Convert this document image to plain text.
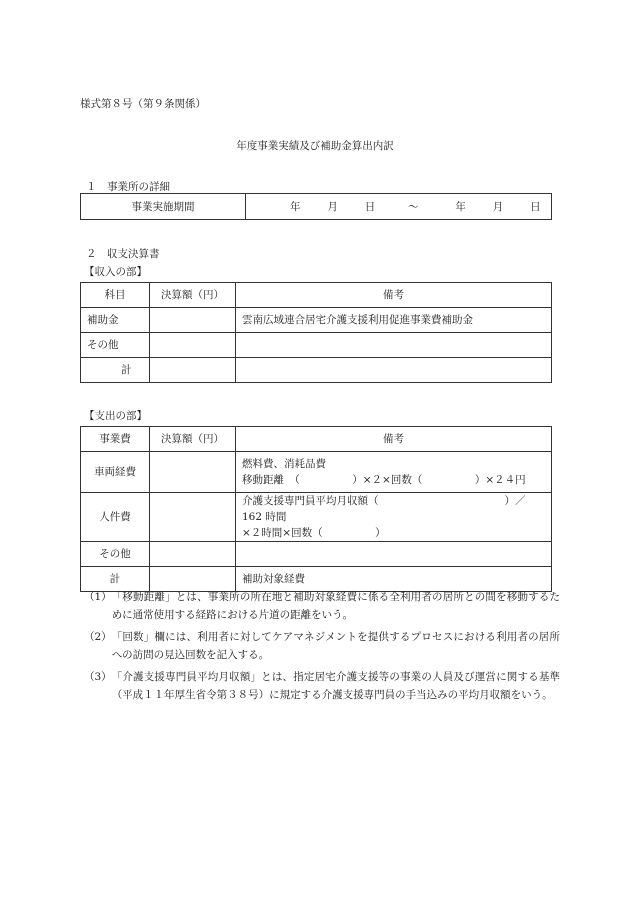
様式第８号（第９条関係）
年度事業実績及び補助金算出内訳
１　事業所の詳細
事業実施期間	年	月	日	～	年	月	日
２　収支決算書
【収入の部】
科目	決算額（円）	備考
補助金		雲南広域連合居宅介護支援利用促進事業費補助金
その他		
計		
【支出の部】
事業費	決算額（円）	備考
車両経費		燃料費、消耗品費
移動距離　（　　　　　）×２×回数（　　　　　）×２４円

人件費		介護支援専門員平均月収額（　　　　　　　　　　　　）／162 時間
×２時間×回数（　　　　　）

その他		
計		補助対象経費
（1） 「移動距離」とは、事業所の所在地と補助対象経費に係る全利用者の居所との間を移動するために通常使用する経路における片道の距離をいう。
（2） 「回数」欄には、利用者に対してケアマネジメントを提供するプロセスにおける利用者の居所への訪問の見込回数を記入する。
（3） 「介護支援専門員平均月収額」とは、指定居宅介護支援等の事業の人員及び運営に関する基準（平成１１年厚生省令第３８号）に規定する介護支援専門員の手当込みの平均月収額をいう。
